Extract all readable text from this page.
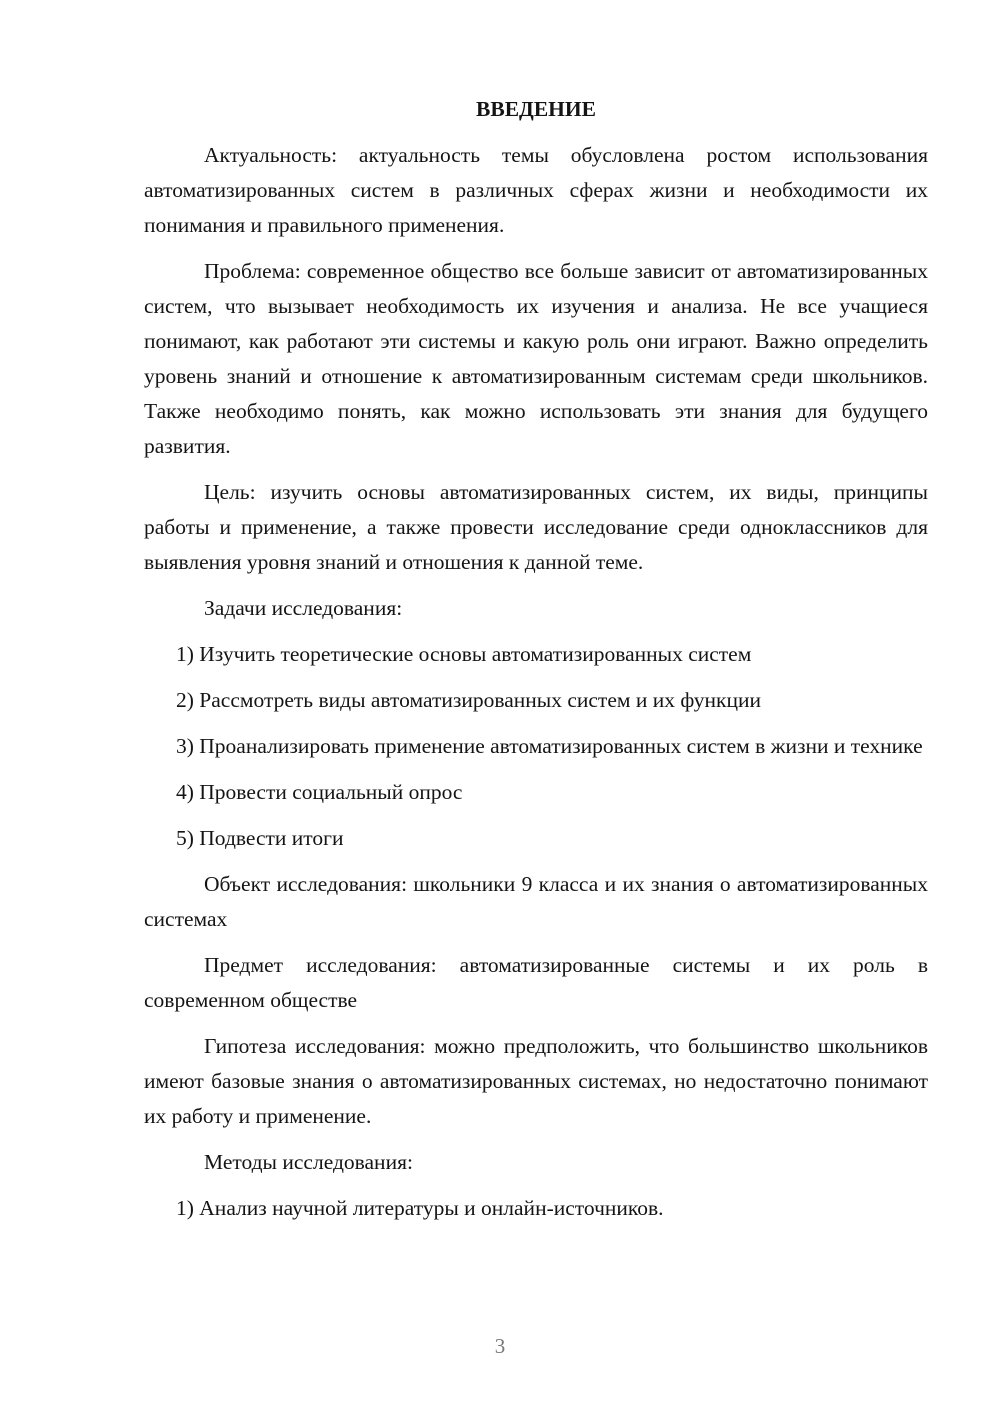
ВВЕДЕНИЕ

Актуальность: актуальность темы обусловлена ростом использования автоматизированных систем в различных сферах жизни и необходимости их понимания и правильного применения.

Проблема: современное общество все больше зависит от автоматизированных систем, что вызывает необходимость их изучения и анализа. Не все учащиеся понимают, как работают эти системы и какую роль они играют. Важно определить уровень знаний и отношение к автоматизированным системам среди школьников. Также необходимо понять, как можно использовать эти знания для будущего развития.

Цель: изучить основы автоматизированных систем, их виды, принципы работы и применение, а также провести исследование среди одноклассников для выявления уровня знаний и отношения к данной теме.

Задачи исследования:

1) Изучить теоретические основы автоматизированных систем

2) Рассмотреть виды автоматизированных систем и их функции

3) Проанализировать применение автоматизированных систем в жизни и технике

4) Провести социальный опрос

5) Подвести итоги

Объект исследования: школьники 9 класса и их знания о автоматизированных системах

Предмет исследования: автоматизированные системы и их роль в современном обществе

Гипотеза исследования: можно предположить, что большинство школьников имеют базовые знания о автоматизированных системах, но недостаточно понимают их работу и применение.

Методы исследования:

1) Анализ научной литературы и онлайн-источников.

3
